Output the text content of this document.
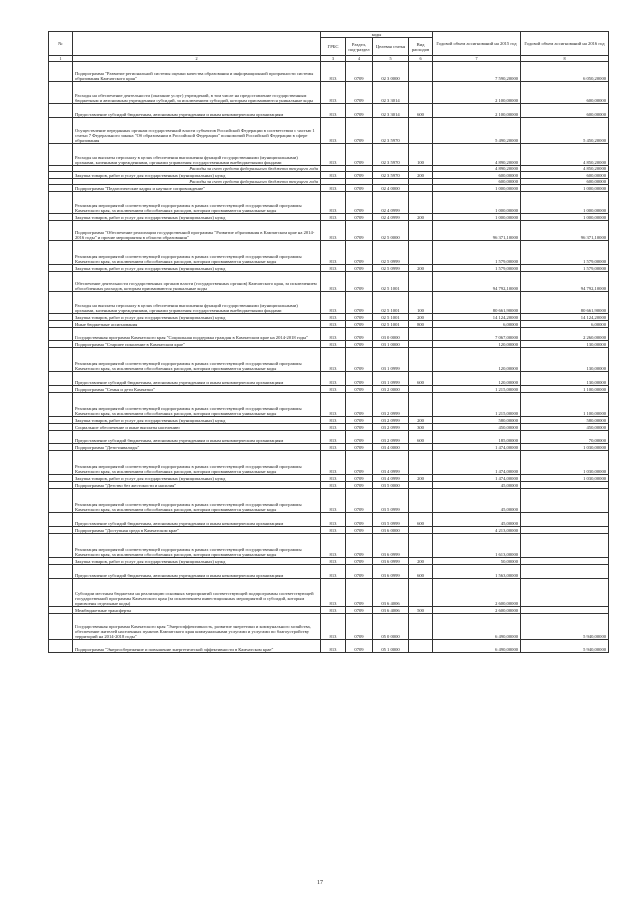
№		коды				Годовой объем ассигнований на 2015 год	Годовой объем ассигнований на 2016 год
		ГРБС	Раздел, под-раздел	Целевая статья	Вид расходов		
1	2	3	4	5	6	7	8
	Подпрограмма "Развитие региональной системы оценки качества образования и информационной прозрачности системы образования Камчатского края"	813	0709	02 3 0000		7 590,20000	6 050,20000
	Расходы на обеспечение деятельности (оказание услуг) учреждений, в том числе на предоставление государственным бюджетным и автономным учреждениям субсидий, за исключением субсидий, которым присваиваются уникальные коды	813	0709	02 3 3014		2 100,00000	600,00000
	Предоставление субсидий бюджетным, автономным учреждениям и иным некоммерческим организациям	813	0709	02 3 3014	600	2 100,00000	600,00000
	Осуществление переданных органам государственной власти субъектов Российской Федерации в соответствии с частью 1 статьи 7 Федерального закона "Об образовании в Российской Федерации" полномочий Российской Федерации в сфере образования	813	0709	02 3 5970		5 490,20000	5 450,20000
	Расходы на выплаты персоналу в целях обеспечения выполнения функций государственными (муниципальными) органами, казенными учреждениями, органами управления государственными внебюджетными фондами	813	0709	02 3 5970	100	4 890,20000	4 850,20000
	Расходы за счет средств федерального бюджета текущего года					4 890,20000	4 850,20000
	Закупка товаров, работ и услуг для государственных (муниципальных) нужд	813	0709	02 3 5970	200	600,00000	600,00000
	Расходы за счет средств федерального бюджета текущего года					600,00000	600,00000
	Подпрограмма "Педагогические кадры и научное сопровождение"	813	0709	02 4 0000		1 000,00000	1 000,00000
	Реализация мероприятий соответствующей подпрограммы в рамках соответствующей государственной программы Камчатского края, за исключением обособленных расходов, которым присваиваются уникальные коды	813	0709	02 4 0999		1 000,00000	1 000,00000
	Закупка товаров, работ и услуг для государственных (муниципальных) нужд	813	0709	02 4 0999	200	1 000,00000	1 000,00000
	Подпрограмма "Обеспечение реализации государственной программы "Развитие образования в Камчатском крае на 2014-2016 годы" и прочие мероприятия в области образования"	813	0709	02 5 0000		96 371,10000	96 371,10000
	Реализация мероприятий соответствующей подпрограммы в рамках соответствующей государственной программы Камчатского края, за исключением обособленных расходов, которым присваиваются уникальные коды	813	0709	02 5 0999		1 579,00000	1 579,00000
	Закупка товаров, работ и услуг для государственных (муниципальных) нужд	813	0709	02 5 0999	200	1 579,00000	1 579,00000
	Обеспечение деятельности государственных органов власти (государственных органов) Камчатского края, за исключением обособленных расходов, которым присваиваются уникальные коды	813	0709	02 5 1001		94 792,10000	94 792,10000
	Расходы на выплаты персоналу в целях обеспечения выполнения функций государственными (муниципальными) органами, казенными учреждениями, органами управления государственными внебюджетными фондами	813	0709	02 5 1001	100	80 661,90000	80 661,90000
	Закупка товаров, работ и услуг для государственных (муниципальных) нужд	813	0709	02 5 1001	200	14 124,20000	14 124,20000
	Иные бюджетные ассигнования	813	0709	02 5 1001	800	6,00000	6,00000
	Государственная программа Камчатского края "Социальная поддержка граждан в Камчатском крае на 2014-2018 годы"	813	0709	03 0 0000		7 067,00000	2 260,00000
	Подпрограмма "Старшее поколение в Камчатском крае"	813	0709	03 1 0000		120,00000	130,00000
	Реализация мероприятий соответствующей подпрограммы в рамках соответствующей государственной программы Камчатского края, за исключением обособленных расходов, которым присваиваются уникальные коды	813	0709	03 1 0999		120,00000	130,00000
	Предоставление субсидий бюджетным, автономным учреждениям и иным некоммерческим организациям	813	0709	03 1 0999	600	120,00000	130,00000
	Подпрограмма "Семья и дети Камчатки"	813	0709	03 2 0000		1 215,00000	1 100,00000
	Реализация мероприятий соответствующей подпрограммы в рамках соответствующей государственной программы Камчатского края, за исключением обособленных расходов, которым присваиваются уникальные коды	813	0709	03 2 0999		1 215,00000	1 100,00000
	Закупка товаров, работ и услуг для государственных (муниципальных) нужд	813	0709	03 2 0999	200	580,00000	580,00000
	Социальное обеспечение и иные выплаты населению	813	0709	03 2 0999	300	450,00000	450,00000
	Предоставление субсидий бюджетным, автономным учреждениям и иным некоммерческим организациям	813	0709	03 2 0999	600	185,00000	70,00000
	Подпрограмма "Дети-инвалиды"	813	0709	03 4 0000		1 474,00000	1 030,00000
	Реализация мероприятий соответствующей подпрограммы в рамках соответствующей государственной программы Камчатского края, за исключением обособленных расходов, которым присваиваются уникальные коды	813	0709	03 4 0999		1 474,00000	1 030,00000
	Закупка товаров, работ и услуг для государственных (муниципальных) нужд	813	0709	03 4 0999	200	1 474,00000	1 030,00000
	Подпрограмма "Детство без жестокости и насилия"	813	0709	03 5 0000		45,00000	
	Реализация мероприятий соответствующей подпрограммы в рамках соответствующей государственной программы Камчатского края, за исключением обособленных расходов, которым присваиваются уникальные коды	813	0709	03 5 0999		45,00000	
	Предоставление субсидий бюджетным, автономным учреждениям и иным некоммерческим организациям	813	0709	03 5 0999	600	45,00000	
	Подпрограмма "Доступная среда в Камчатском крае"	813	0709	03 6 0000		4 213,00000	
	Реализация мероприятий соответствующей подпрограммы в рамках соответствующей государственной программы Камчатского края, за исключением обособленных расходов, которым присваиваются уникальные коды	813	0709	03 6 0999		1 613,00000	
	Закупка товаров, работ и услуг для государственных (муниципальных) нужд	813	0709	03 6 0999	200	50,00000	
	Предоставление субсидий бюджетным, автономным учреждениям и иным некоммерческим организациям	813	0709	03 6 0999	600	1 563,00000	
	Субсидии местным бюджетам на реализацию основных мероприятий соответствующей подпрограммы соответствующей государственной программы Камчатского края (за исключением инвестиционных мероприятий и субсидий, которым присвоены отдельные коды)	813	0709	03 6 4006		2 600,00000	
	Межбюджетные трансферты	813	0709	03 6 4006	500	2 600,00000	
	Государственная программа Камчатского края "Энергоэффективность, развитие энергетики и коммунального хозяйства, обеспечение жителей населенных пунктов Камчатского края коммунальными услугами и услугами по благоустройству территорий на 2014-2018 годы"	813	0709	05 0 0000		6 490,00000	5 940,00000
	Подпрограмма "Энергосбережение и повышение энергетической эффективности в Камчатском крае"	813	0709	05 1 0000		6 490,00000	5 940,00000
17
